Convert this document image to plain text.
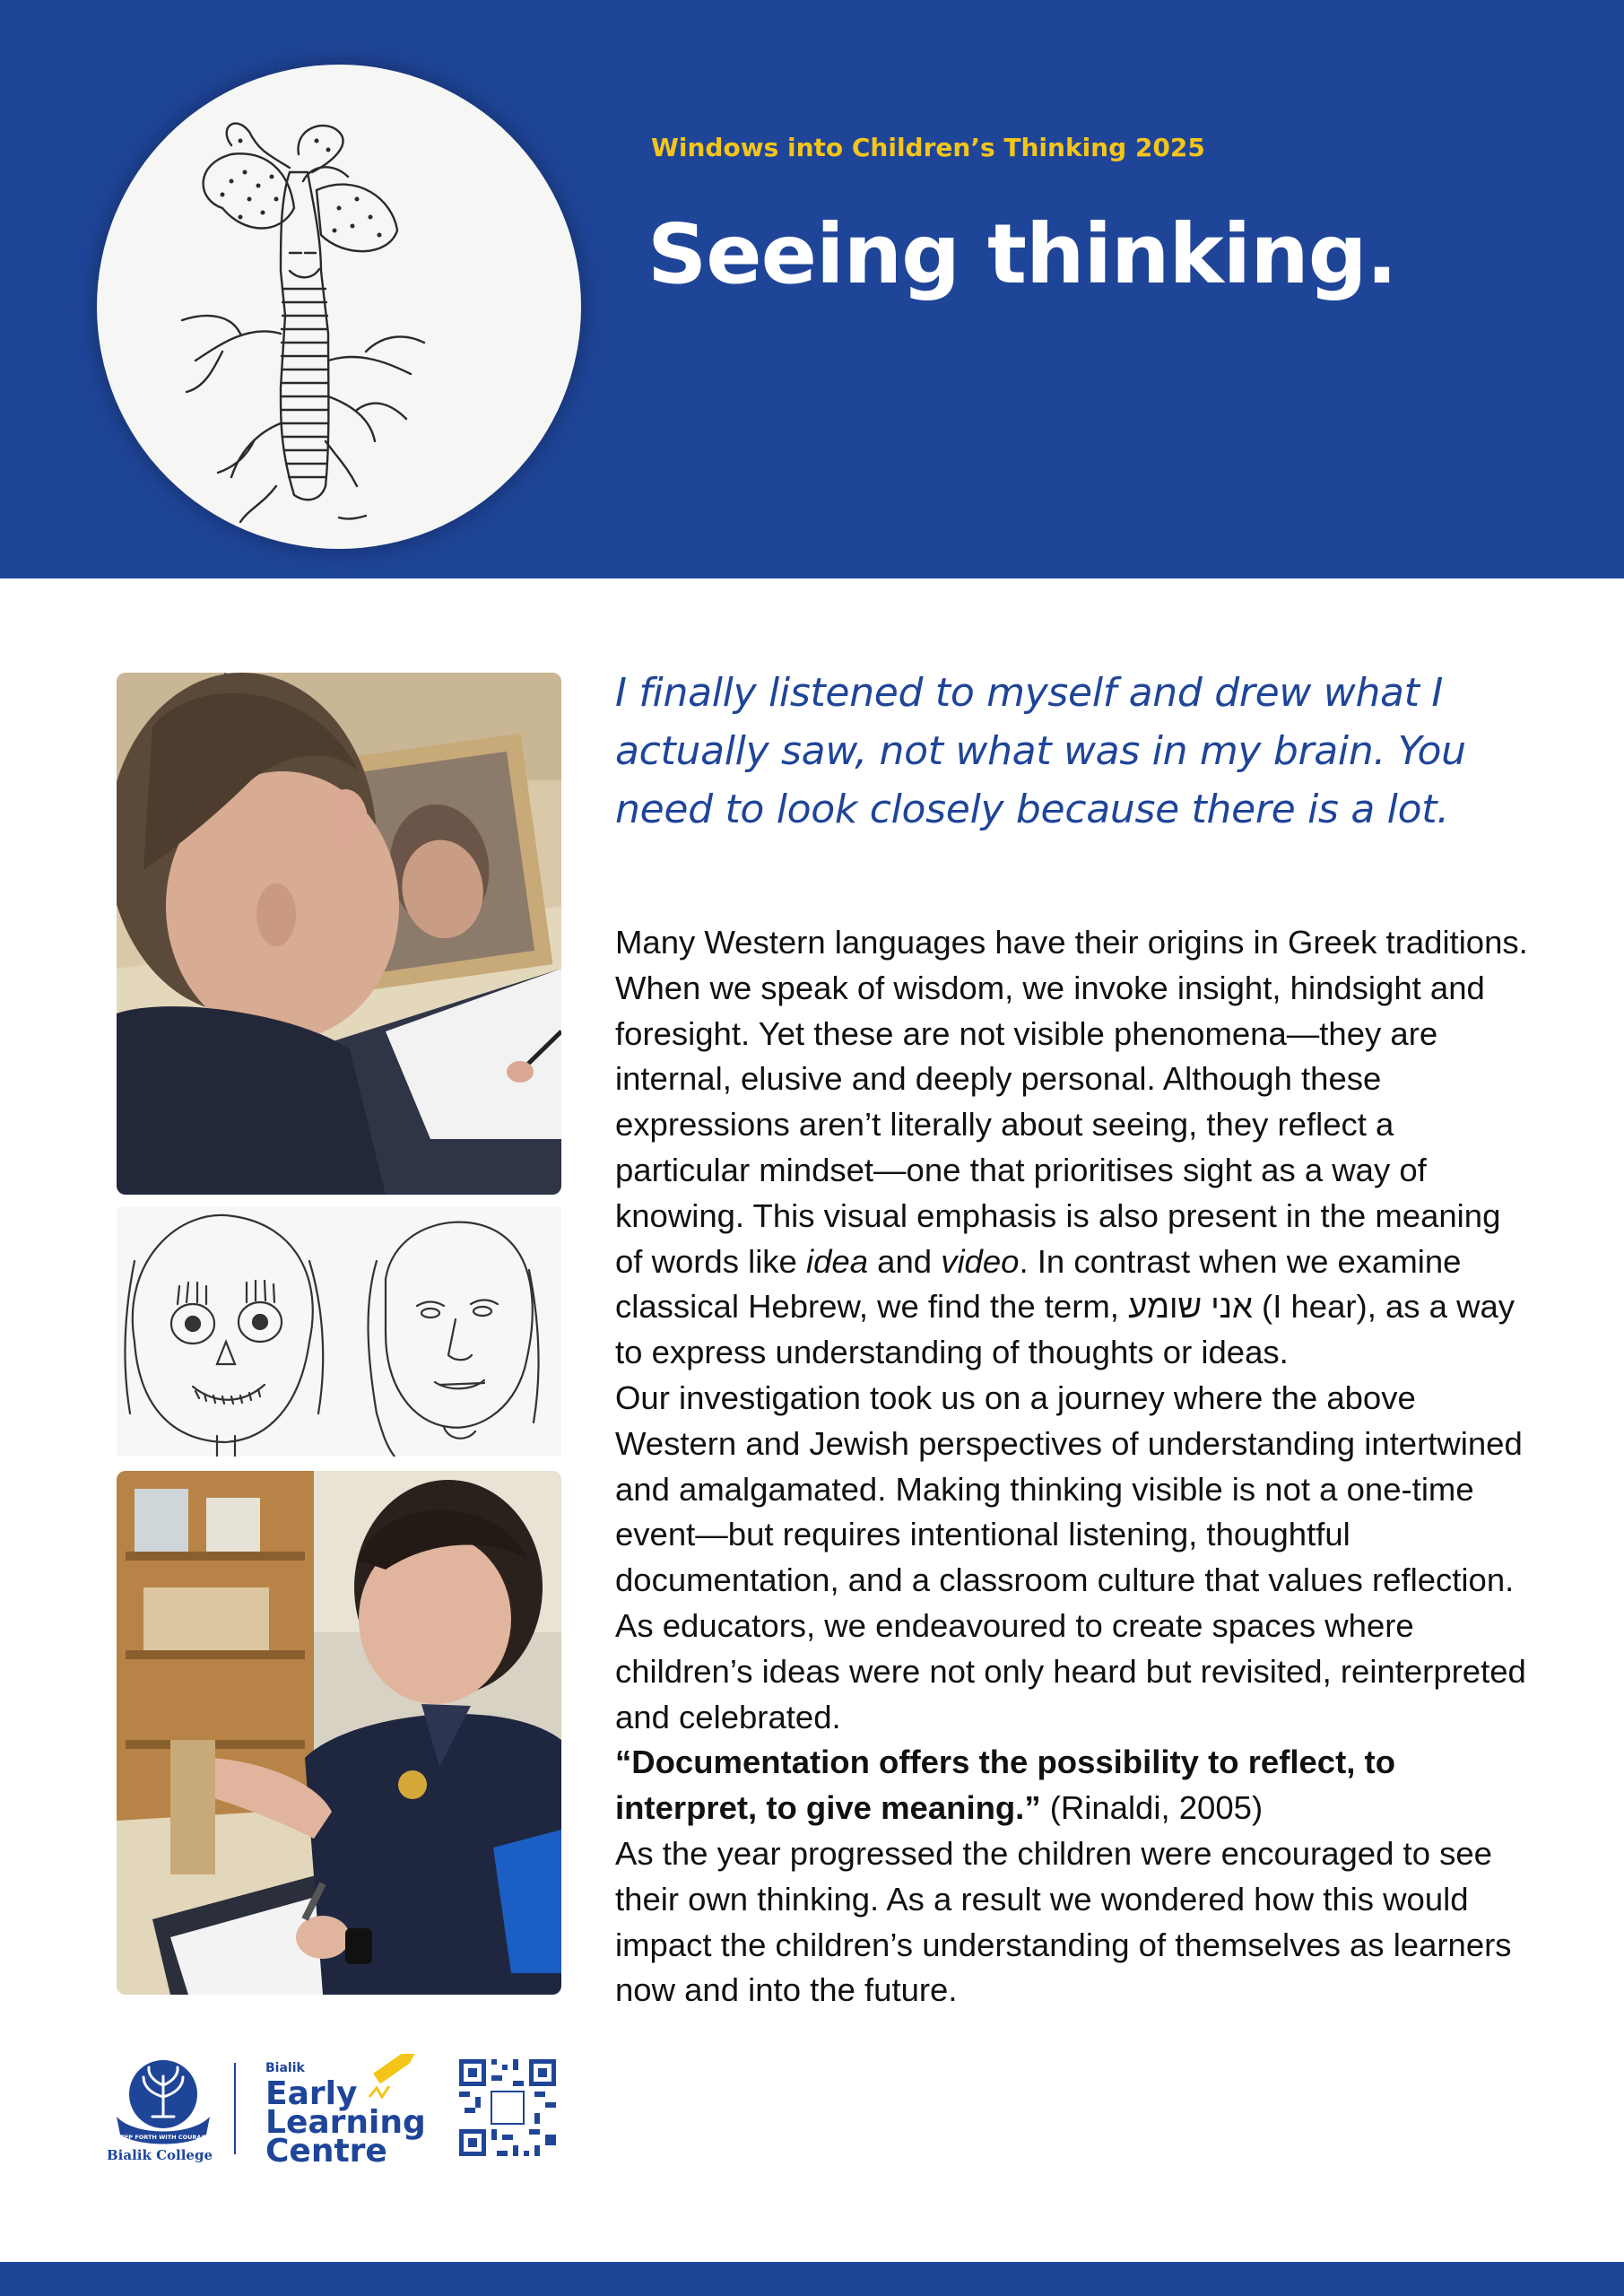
Windows into Children’s Thinking 2025
Seeing thinking.
I finally listened to myself and drew what I actually saw, not what was in my brain. You need to look closely because there is a lot.

Many Western languages have their origins in Greek traditions. When we speak of wisdom, we invoke insight, hindsight and foresight. Yet these are not visible phenomena—they are internal, elusive and deeply personal. Although these expressions aren’t literally about seeing, they reflect a particular mindset—one that prioritises sight as a way of knowing. This visual emphasis is also present in the meaning of words like idea and video. In contrast when we examine classical Hebrew, we find the term, אני שומע (I hear), as a way to express understanding of thoughts or ideas.

Our investigation took us on a journey where the above Western and Jewish perspectives of understanding intertwined and amalgamated. Making thinking visible is not a one-time event—but requires intentional listening, thoughtful documentation, and a classroom culture that values reflection. As educators, we endeavoured to create spaces where children’s ideas were not only heard but revisited, reinterpreted and celebrated.

“Documentation offers the possibility to reflect, to interpret, to give meaning.” (Rinaldi, 2005)

As the year progressed the children were encouraged to see their own thinking. As a result we wondered how this would impact the children’s understanding of themselves as learners now and into the future.

STEP FORTH WITH COURAGE
Bialik College
Bialik
Early
Learning
Centre
